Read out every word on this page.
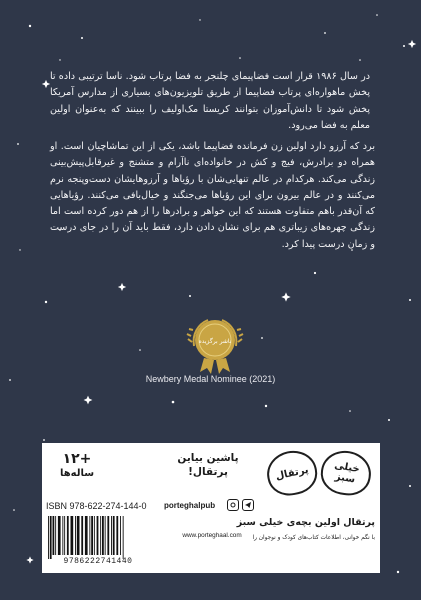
در سال ۱۹۸۶ قرار است فضاپیمای چلنجر به فضا پرتاب شود. ناسا ترتیبی داده تا پخش ماهواره‌ای پرتاب فضاپیما از طریق تلویزیون‌های بسیاری از مدارس آمریکا پخش شود تا دانش‌آموزان بتوانند کریستا مک‌اولیف را ببینند که به‌عنوان اولین معلم به فضا می‌رود.

برد که آرزو دارد اولین زن فرمانده فضاپیما باشد، یکی از این تماشاچیان است. او همراه دو برادرش، فیج و کش در خانواده‌ای ناآرام و متشنج و غیرقابل‌پیش‌بینی زندگی می‌کند. هرکدام در عالم تنهایی‌شان با رؤیاها و آرزوهایشان دست‌وپنجه نرم می‌کنند و در عالم بیرون برای این رؤیاها می‌جنگند و خیال‌بافی می‌کنند. رؤیاهایی که آن‌قدر باهم متفاوت هستند که این خواهر و برادرها را از هم دور کرده است اما زندگی چهره‌های زیباتری هم برای نشان دادن دارد، فقط باید آن را در جای درست و زمان درست پیدا کرد.

ناشر برگزیده
Newbery Medal Nominee (2021)
خیلی سبز
پرتقال
پرتقال اولین بچه‌ی خیلی سبز
با نگم خوانی، اطلاعات کتاب‌های کودک و نوجوان را
پاشین بیاین
پرتقال!
porteghalpub
www.porteghaal.com
+۱۲
ساله‌ها
ISBN 978-622-274-144-0
9786222741440
